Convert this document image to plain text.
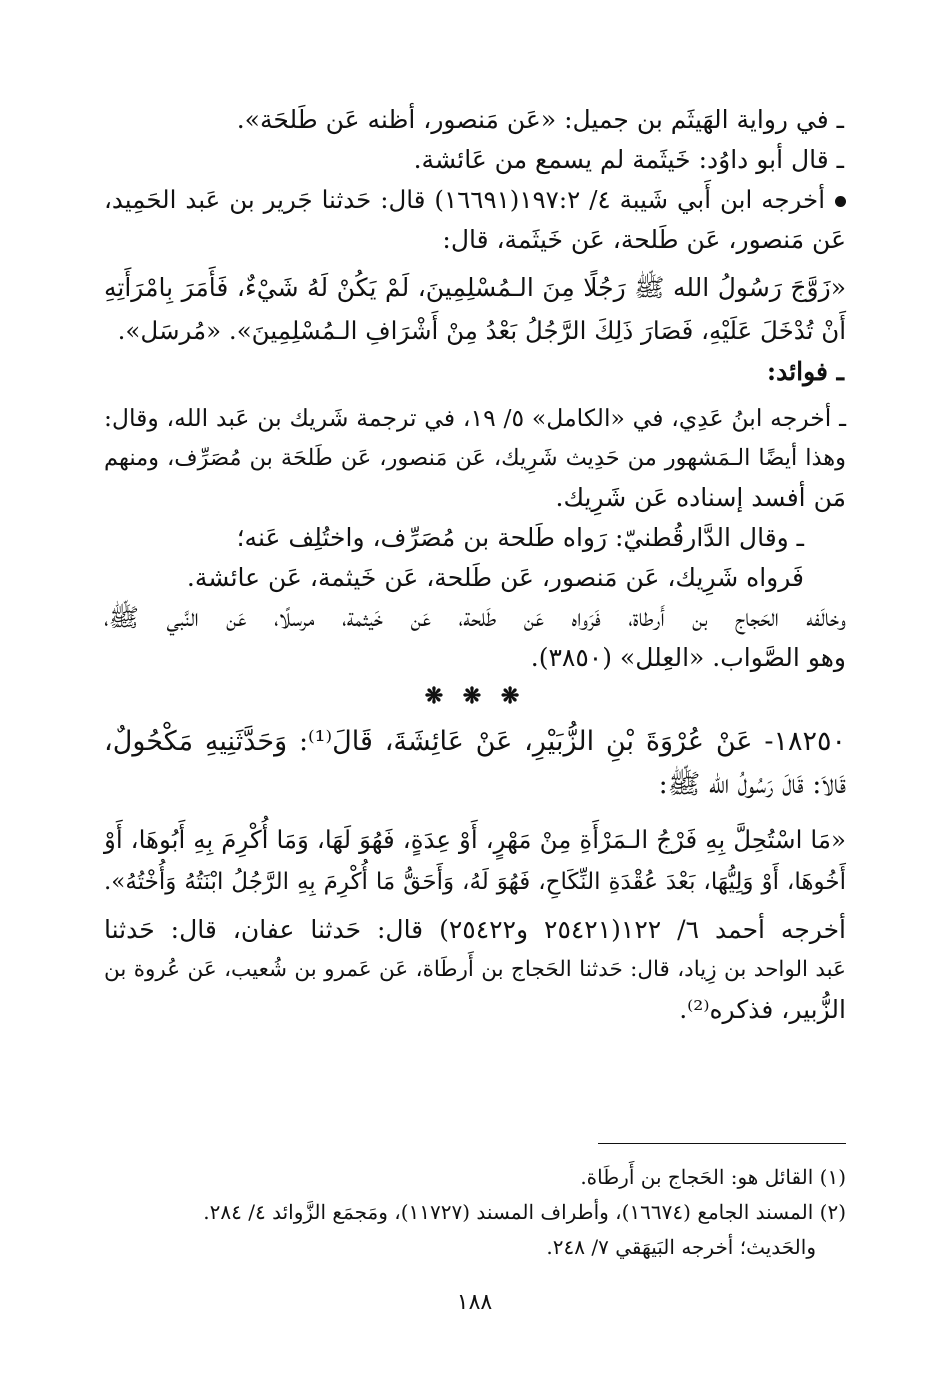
ـ في رواية الهَيثَم بن جميل: «عَن مَنصور، أظنه عَن طَلحَة».
ـ قال أبو داوُد: خَيثَمة لم يسمع من عَائشة.
أخرجه ابن أَبي شَيبة ٤/ ١٩٧:٢(١٦٦٩١) قال: حَدثنا جَرير بن عَبد الحَمِيد،
عَن مَنصور، عَن طَلحة، عَن خَيثَمة، قال:
«زَوَّجَ رَسُولُ الله ﷺ رَجُلًا مِنَ الـمُسْلِمِينَ، لَمْ يَكُنْ لَهُ شَيْءٌ، فَأَمَرَ بِامْرَأَتِهِ
أَنْ تُدْخَلَ عَلَيْهِ، فَصَارَ ذَلِكَ الرَّجُلُ بَعْدُ مِنْ أَشْرَافِ الـمُسْلِمِينَ». «مُرسَل».
ـ فوائد:
ـ أخرجه ابنُ عَدِي، في «الكامل» ٥/ ١٩، في ترجمة شَريك بن عَبد الله، وقال:
وهذا أيضًا الـمَشهور من حَدِيث شَرِيك، عَن مَنصور، عَن طَلحَة بن مُصَرِّف، ومنهم
مَن أفسد إسناده عَن شَرِيك.
ـ وقال الدَّارقُطنيّ: رَواه طَلحة بن مُصَرِّف، واختُلِف عَنه؛
فَرواه شَرِيك، عَن مَنصور، عَن طَلحة، عَن خَيثمة، عَن عائشة.
وخالَفه الحَجاج بن أَرطاة، فَرَواه عَن طَلحة، عَن خَيثمة، مرسلًا، عَن النَّبي ﷺ،
وهو الصَّواب. «العِلل» (٣٨٥٠).
❋ ❋ ❋
١٨٢٥٠- عَنْ عُرْوَةَ بْنِ الزُّبَيْرِ، عَنْ عَائِشَةَ، قَالَ⁽¹⁾: وَحَدَّثَنِيهِ مَكْحُولٌ،
قَالاَ: قَالَ رَسُولُ الله ﷺ:
«مَا اسْتُحِلَّ بِهِ فَرْجُ الـمَرْأَةِ مِنْ مَهْرٍ، أَوْ عِدَةٍ، فَهُوَ لَهَا، وَمَا أُكْرِمَ بِهِ أَبُوهَا، أَوْ
أَخُوهَا، أَوْ وَلِيُّهَا، بَعْدَ عُقْدَةِ النِّكَاحِ، فَهُوَ لَهُ، وَأَحَقُّ مَا أُكْرِمَ بِهِ الرَّجُلُ ابْنَتُهُ وَأُخْتُهُ».
أخرجه أحمد ٦/ ١٢٢(٢٥٤٢١ و٢٥٤٢٢) قال: حَدثنا عفان، قال: حَدثنا
عَبد الواحد بن زِياد، قال: حَدثنا الحَجاج بن أَرطَاة، عَن عَمرو بن شُعيب، عَن عُروة بن
الزُّبير، فذكره⁽²⁾.
(١) القائل هو: الحَجاج بن أَرطَاة.
(٢) المسند الجامع (١٦٦٧٤)، وأطراف المسند (١١٧٢٧)، ومَجمَع الزَّوائد ٤/ ٢٨٤.
والحَديث؛ أخرجه البَيهَقي ٧/ ٢٤٨.
١٨٨
